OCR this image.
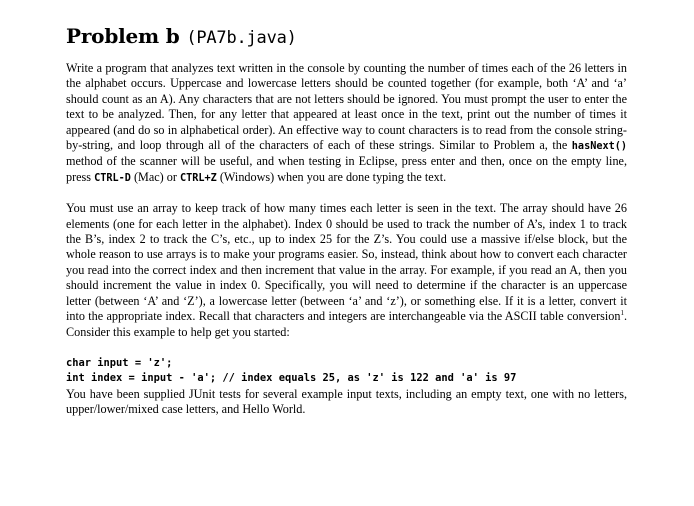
Problem b (PA7b.java)

Write a program that analyzes text written in the console by counting the number of times each of the 26 letters in the alphabet occurs. Uppercase and lowercase letters should be counted together (for example, both ‘A’ and ‘a’ should count as an A). Any characters that are not letters should be ignored. You must prompt the user to enter the text to be analyzed. Then, for any letter that appeared at least once in the text, print out the number of times it appeared (and do so in alphabetical order). An effective way to count characters is to read from the console string-by-string, and loop through all of the characters of each of these strings. Similar to Problem a, the hasNext() method of the scanner will be useful, and when testing in Eclipse, press enter and then, once on the empty line, press CTRL-D (Mac) or CTRL+Z (Windows) when you are done typing the text.

You must use an array to keep track of how many times each letter is seen in the text. The array should have 26 elements (one for each letter in the alphabet). Index 0 should be used to track the number of A’s, index 1 to track the B’s, index 2 to track the C’s, etc., up to index 25 for the Z’s. You could use a massive if/else block, but the whole reason to use arrays is to make your programs easier. So, instead, think about how to convert each character you read into the correct index and then increment that value in the array. For example, if you read an A, then you should increment the value in index 0. Specifically, you will need to determine if the character is an uppercase letter (between ‘A’ and ‘Z’), a lowercase letter (between ‘a’ and ‘z’), or something else. If it is a letter, convert it into the appropriate index. Recall that characters and integers are interchangeable via the ASCII table conversion$^1$. Consider this example to help get you started:

char input = 'z';
int index = input - 'a'; // index equals 25, as 'z' is 122 and 'a' is 97

You have been supplied JUnit tests for several example input texts, including an empty text, one with no letters, upper/lower/mixed case letters, and Hello World.
